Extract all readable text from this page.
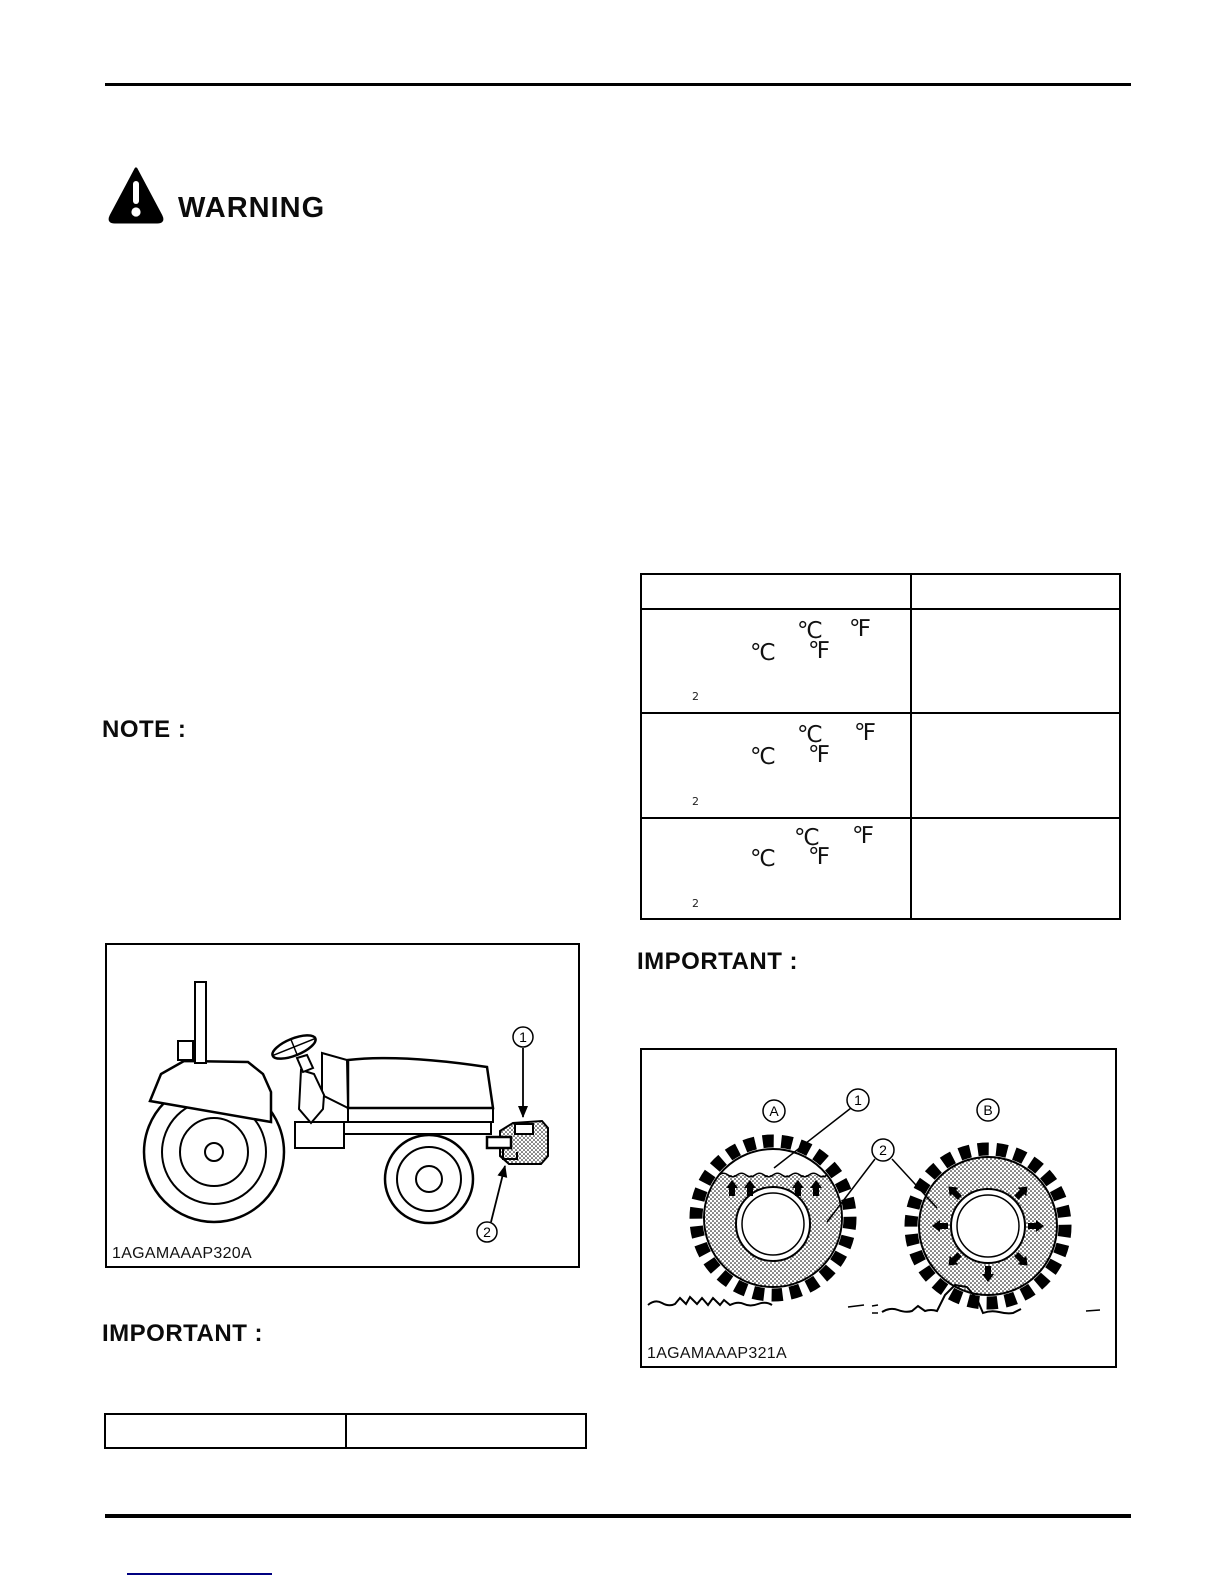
WARNING
NOTE :
℃ ℉
℃ ℉
2
℃ ℉
℃ ℉
2
℃ ℉
℃ ℉
2
IMPORTANT :
1
2
1AGAMAAAP320A
IMPORTANT :
A
1
B
2
1AGAMAAAP321A
